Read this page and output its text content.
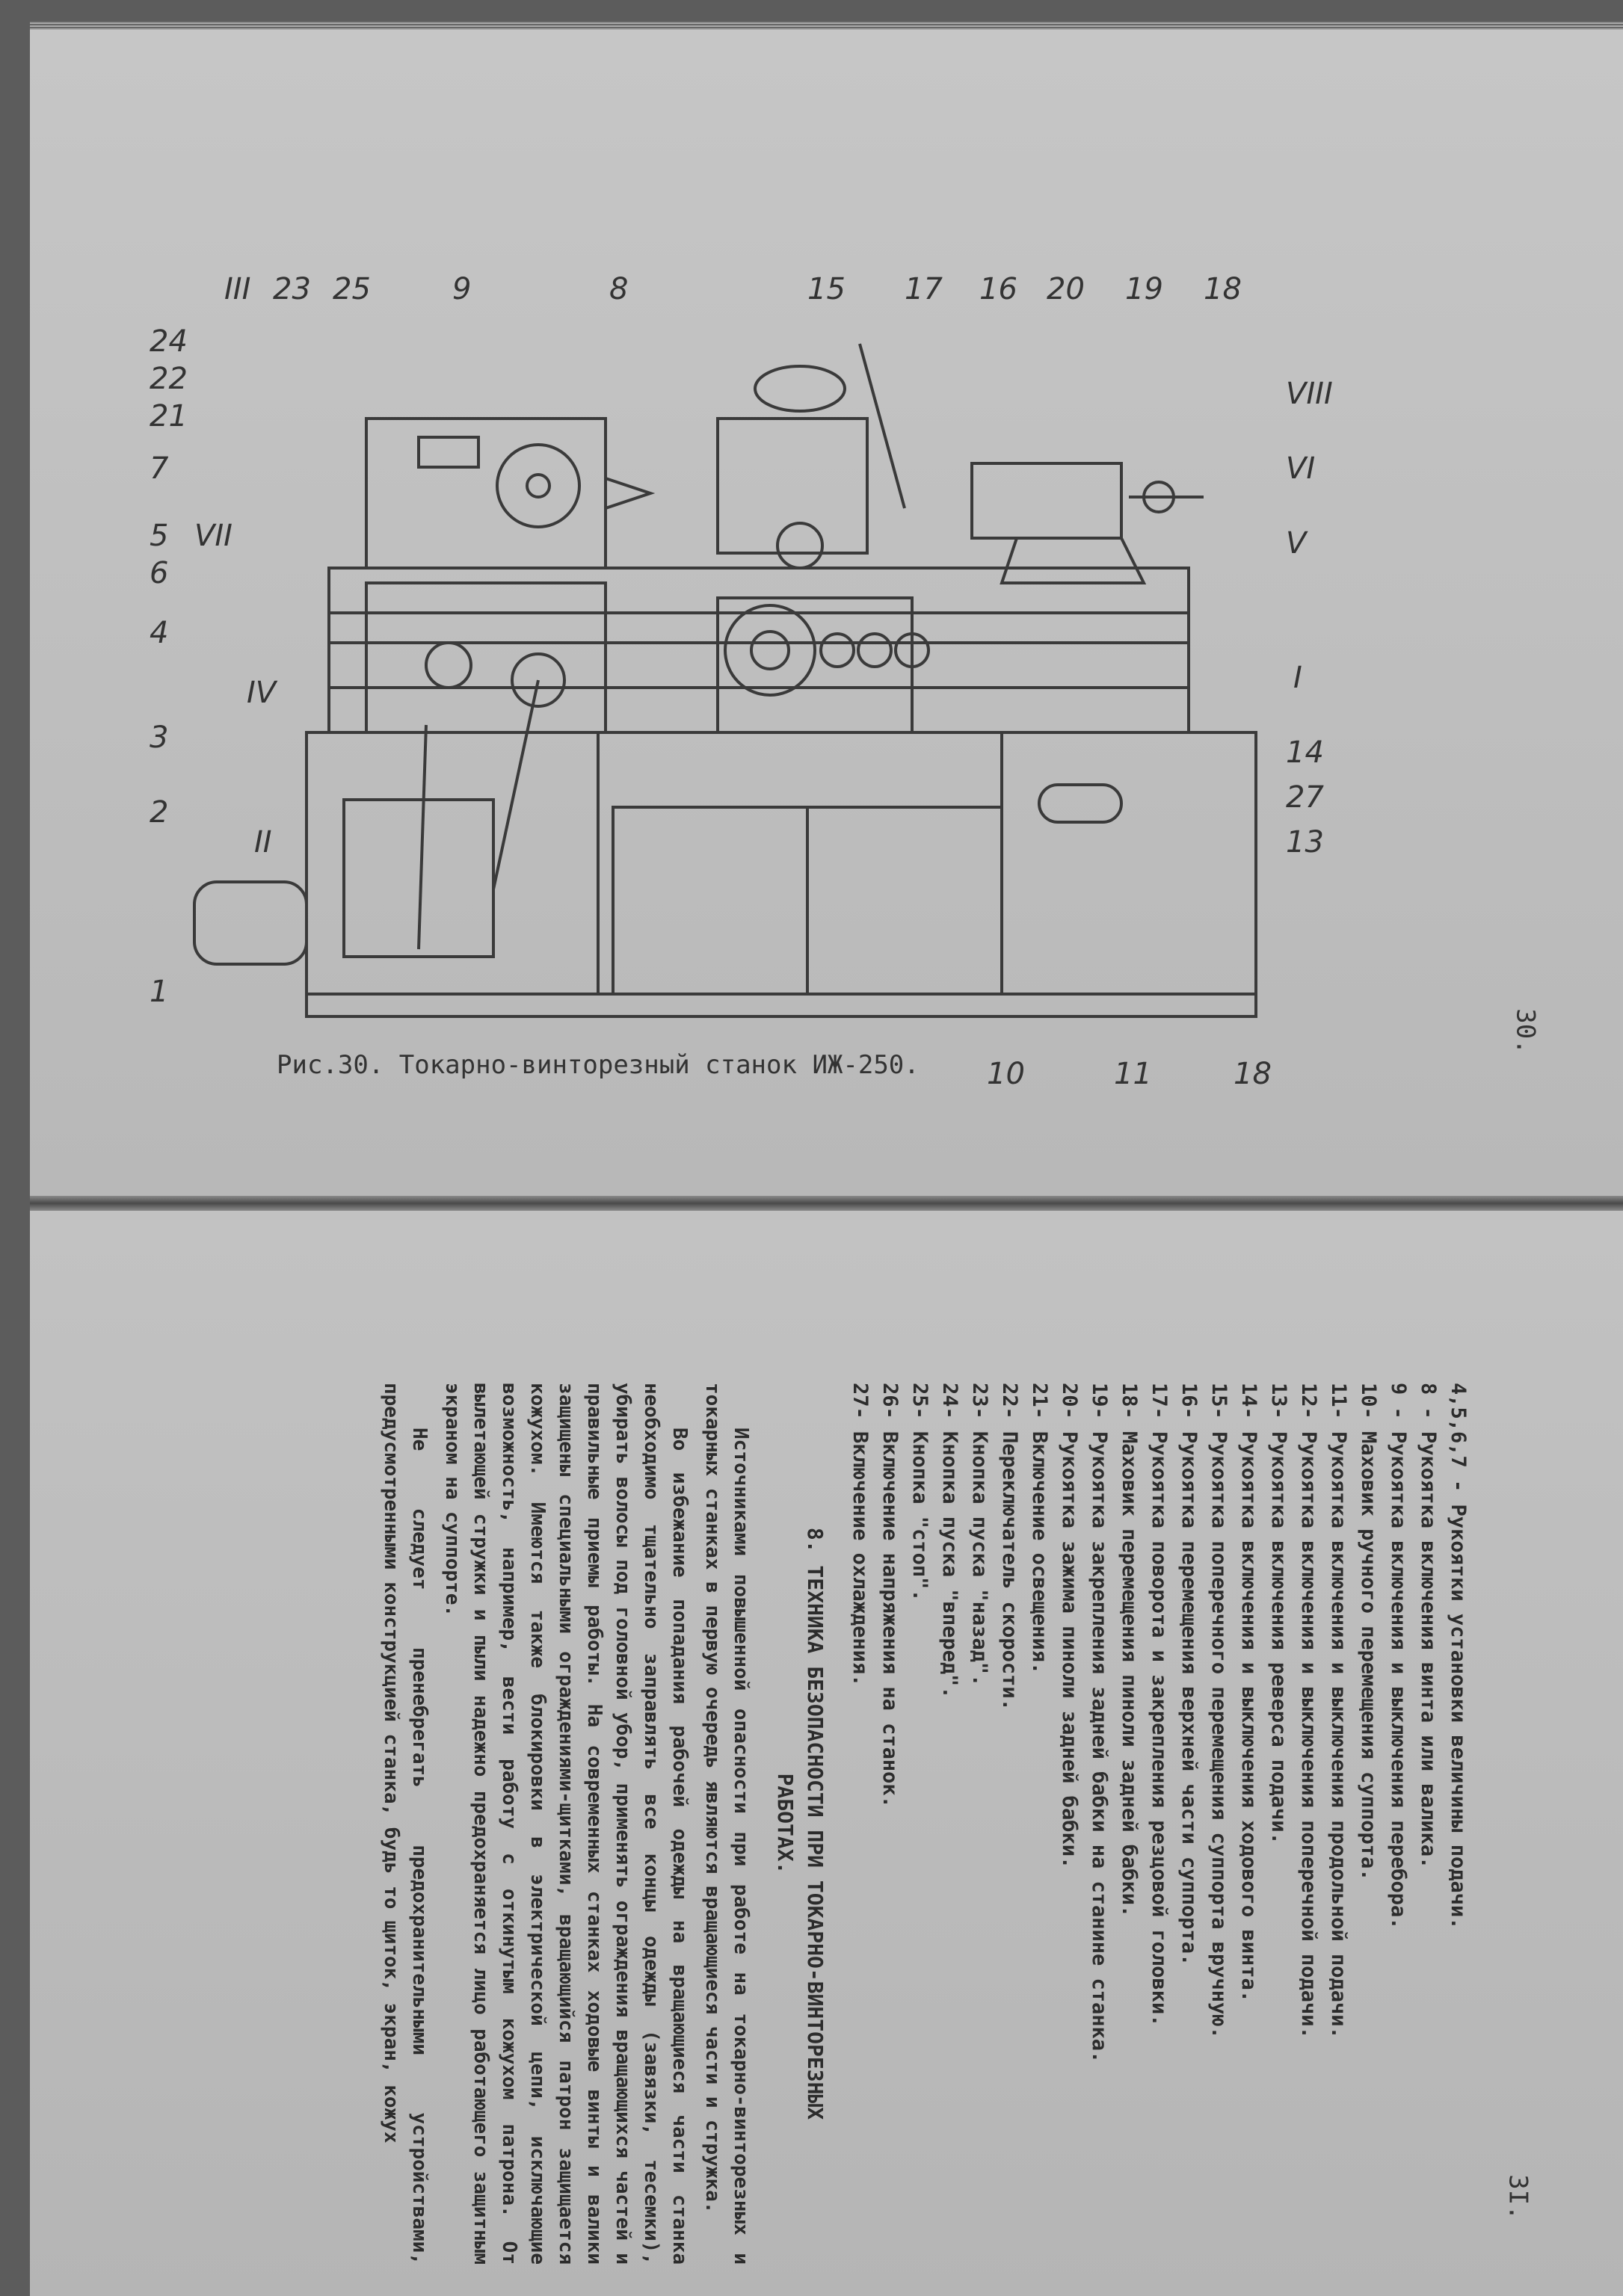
III 23 25	9	8	15 17 16 20 19 18
24
22
21
7
5 VII
6
4
IV
3
2
II
1
VIII
VI
V
I
14
27
13
10	11	18
Рис.30. Токарно-винторезный станок ИЖ-250.
30.
3I.
4,5,6,7 - Рукоятки установки величины подачи.
8 - Рукоятка включения винта или валика.
9 - Рукоятка включения и выключения перебора.
10- Маховик ручного перемещения суппорта.
11- Рукоятка включения и выключения продольной подачи.
12- Рукоятка включения и выключения поперечной подачи.
13- Рукоятка включения реверса подачи.
14- Рукоятка включения и выключения ходового винта.
15- Рукоятка поперечного перемещения суппорта вручную.
16- Рукоятка перемещения верхней части суппорта.
17- Рукоятка поворота и закрепления резцовой головки.
18- Маховик перемещения пиноли задней бабки.
19- Рукоятка закрепления задней бабки на станине станка.
20- Рукоятка зажима пиноли задней бабки.
21- Включение освещения.
22- Переключатель скорости.
23- Кнопка пуска "назад".
24- Кнопка пуска "вперед".
25- Кнопка "стоп".
26- Включение напряжения на станок.
27- Включение охлаждения.
8. ТЕХНИКА БЕЗОПАСНОСТИ ПРИ ТОКАРНО-ВИНТОРЕЗНЫХ
РАБОТАХ.
Источниками повышенной опасности при работе на токарно-винторезных и токарных станках в первую очередь являются вращающиеся части и стружка.
Во избежание попадания рабочей одежды на вращающиеся части станка необходимо тщательно заправлять все концы одежды (завязки, тесемки), убирать волосы под головной убор, применять ограждения вращающихся частей и правильные приемы работы. На современных станках ходовые винты и валики защищены специальными ограждениями-щитками, вращающийся патрон защищается кожухом. Имеются также блокировки в электрической цепи, исключающие возможность, например, вести работу с откинутым кожухом патрона. От вылетающей стружки и пыли надежно предохраняется лицо работающего защитным экраном на суппорте.
Не следует пренебрегать предохранительными устройствами, предусмотренными конструкцией станка, будь то щиток, экран, кожух
